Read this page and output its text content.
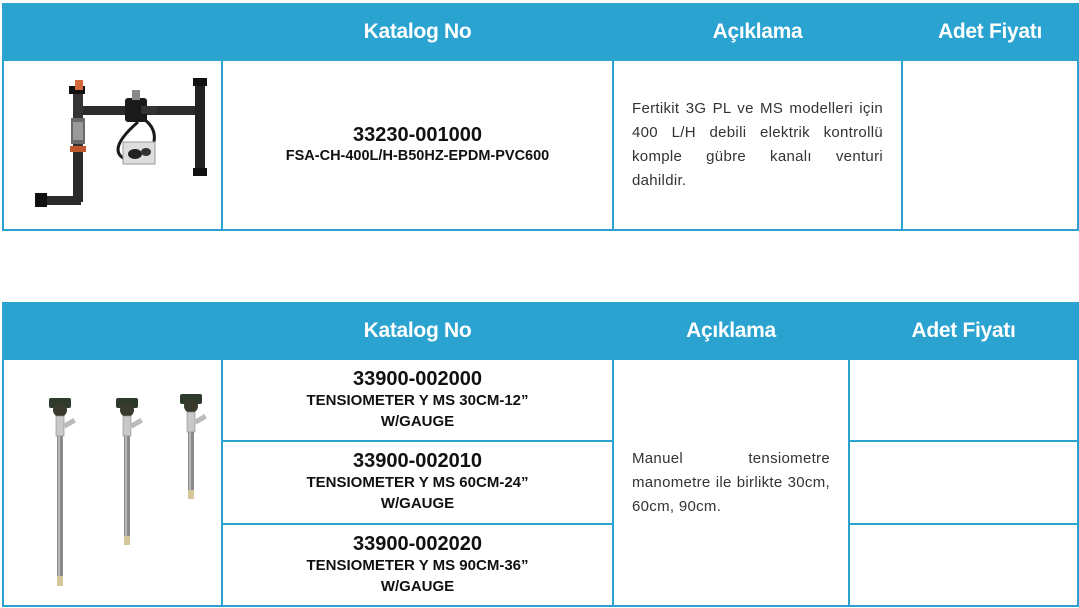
	Katalog No	Açıklama	Adet Fiyatı

33230-001000
FSA-CH-400L/H-B50HZ-EPDM-PVC600	Fertikit 3G PL ve MS modelleri için 400 L/H debili elektrik kontrollü komple gübre kanalı venturi dahildir.	
	Katalog No	Açıklama	Adet Fiyatı

33900-002000
TENSIOMETER Y MS 30CM-12”
W/GAUGE	Manuel tensiometre manometre ile birlikte 30cm, 60cm, 90cm.	

	33900-002010
TENSIOMETER Y MS 60CM-24”
W/GAUGE		

	33900-002020
TENSIOMETER Y MS 90CM-36”
W/GAUGE		
